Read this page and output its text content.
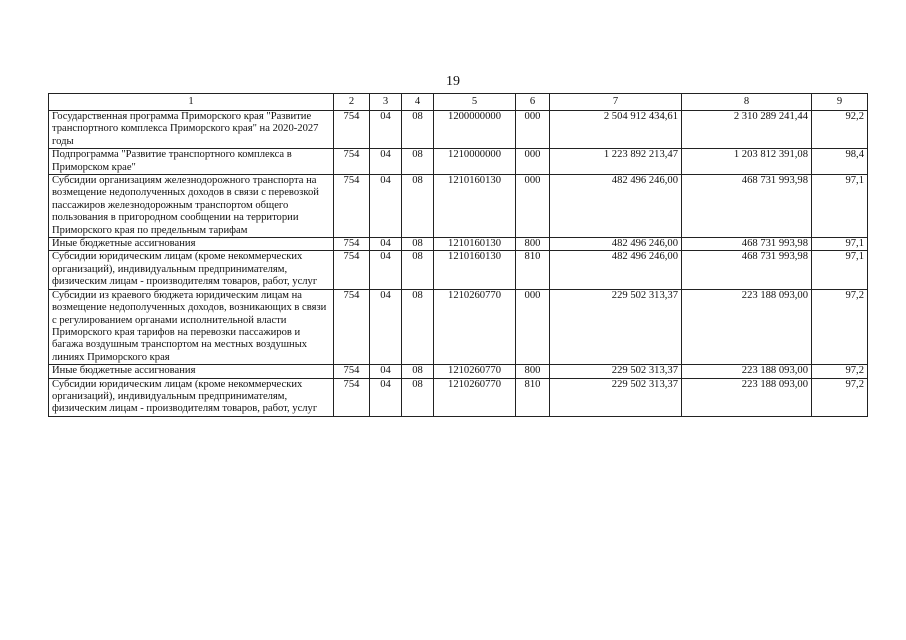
19
1	2	3	4	5	6	7	8	9
Государственная программа Приморского края "Развитие транспортного комплекса Приморского края" на 2020-2027 годы	754	04	08	1200000000	000	2 504 912 434,61	2 310 289 241,44	92,2
Подпрограмма "Развитие транспортного комплекса в Приморском крае"	754	04	08	1210000000	000	1 223 892 213,47	1 203 812 391,08	98,4
Субсидии организациям железнодорожного транспорта на возмещение недополученных доходов в связи с перевозкой пассажиров железнодорожным транспортом общего пользования в пригородном сообщении на территории Приморского края по предельным тарифам	754	04	08	1210160130	000	482 496 246,00	468 731 993,98	97,1
Иные бюджетные ассигнования	754	04	08	1210160130	800	482 496 246,00	468 731 993,98	97,1
Субсидии юридическим лицам (кроме некоммерческих организаций), индивидуальным предпринимателям, физическим лицам - производителям товаров, работ, услуг	754	04	08	1210160130	810	482 496 246,00	468 731 993,98	97,1
Субсидии из краевого бюджета юридическим лицам на возмещение недополученных доходов, возникающих в связи с регулированием органами исполнительной власти Приморского края тарифов на перевозки пассажиров и багажа воздушным транспортом на местных воздушных линиях Приморского края	754	04	08	1210260770	000	229 502 313,37	223 188 093,00	97,2
Иные бюджетные ассигнования	754	04	08	1210260770	800	229 502 313,37	223 188 093,00	97,2
Субсидии юридическим лицам (кроме некоммерческих организаций), индивидуальным предпринимателям, физическим лицам - производителям товаров, работ, услуг	754	04	08	1210260770	810	229 502 313,37	223 188 093,00	97,2
